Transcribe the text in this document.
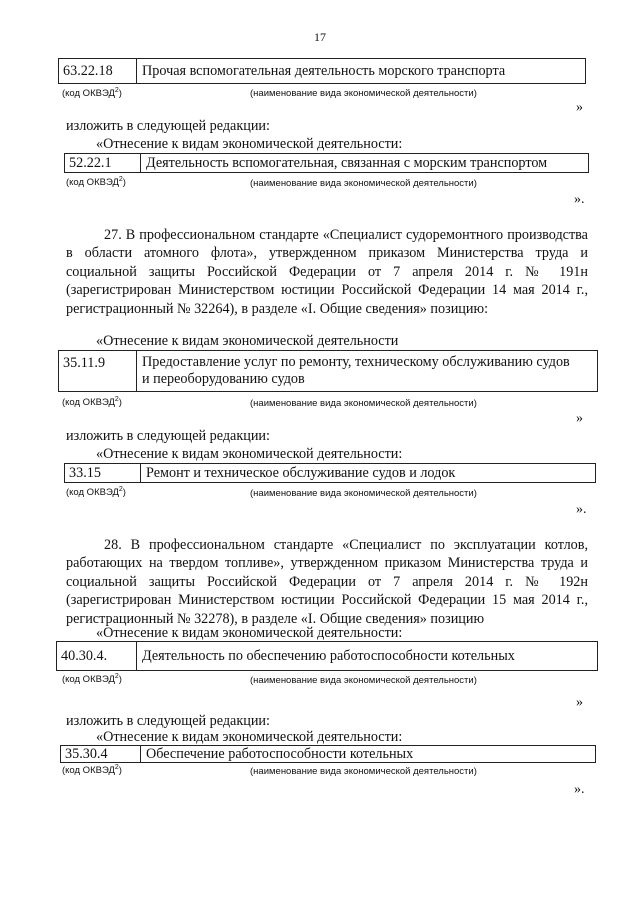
17
63.22.18	Прочая вспомогательная деятельность морского транспорта
(код ОКВЭД$^2$)	(наименование вида экономической деятельности)
»
изложить в следующей редакции:
«Отнесение к видам экономической деятельности:
52.22.1	Деятельность вспомогательная, связанная с морским транспортом
(код ОКВЭД$^2$)	(наименование вида экономической деятельности)
».
27. В профессиональном стандарте «Специалист судоремонтного производства в области атомного флота», утвержденном приказом Министерства труда и социальной защиты Российской Федерации от 7 апреля 2014 г. № 191н (зарегистрирован Министерством юстиции Российской Федерации 14 мая 2014 г., регистрационный № 32264), в разделе «I. Общие сведения» позицию:
«Отнесение к видам экономической деятельности
35.11.9	Предоставление услуг по ремонту, техническому обслуживанию судов и переоборудованию судов
(код ОКВЭД$^2$)	(наименование вида экономической деятельности)
»
изложить в следующей редакции:
«Отнесение к видам экономической деятельности:
33.15	Ремонт и техническое обслуживание судов и лодок
(код ОКВЭД$^2$)	(наименование вида экономической деятельности)
».
28. В профессиональном стандарте «Специалист по эксплуатации котлов, работающих на твердом топливе», утвержденном приказом Министерства труда и социальной защиты Российской Федерации от 7 апреля 2014 г. № 192н (зарегистрирован Министерством юстиции Российской Федерации 15 мая 2014 г., регистрационный № 32278), в разделе «I. Общие сведения» позицию
«Отнесение к видам экономической деятельности:
40.30.4.	Деятельность по обеспечению работоспособности котельных
(код ОКВЭД$^2$)	(наименование вида экономической деятельности)
»
изложить в следующей редакции:
«Отнесение к видам экономической деятельности:
35.30.4	Обеспечение работоспособности котельных
(код ОКВЭД$^2$)	(наименование вида экономической деятельности)
».
